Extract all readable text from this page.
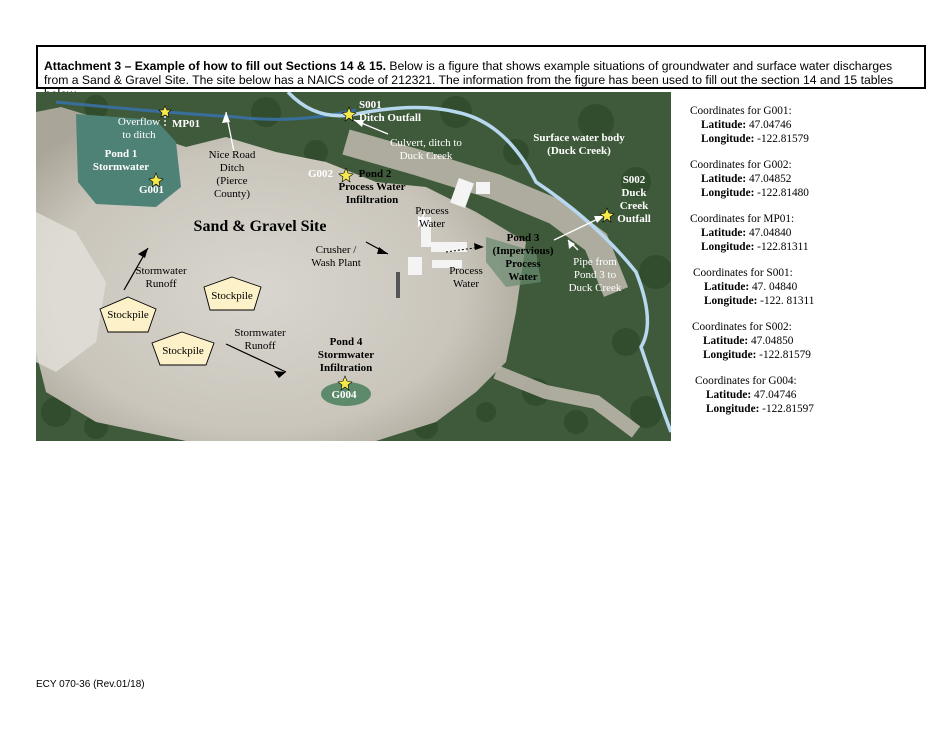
Attachment 3 – Example of how to fill out Sections 14 & 15. Below is a figure that shows example situations of groundwater and surface water discharges from a Sand & Gravel Site. The site below has a NAICS code of 212321. The information from the figure has been used to fill out the section 14 and 15 tables
Overflow
to ditch
MP01
Pond 1
Stormwater
G001
Nice Road
Ditch
(Pierce
County)
S001
Ditch Outfall
Culvert, ditch to
Duck Creek
Surface water body
(Duck Creek)
G002 Pond 2
Process Water
Infiltration
S002
Duck
Creek
Outfall
Process
Water
Sand & Gravel Site
Crusher /
Wash Plant
Pond 3
(Impervious)
Process
Water
Process
Water
Pipe from
Pond 3 to
Duck Creek
Stormwater
Runoff
Stockpile
Stockpile
Stockpile
Stormwater
Runoff	Pond 4
Stormwater
Infiltration
G004
Coordinates for G001:
Latitude: 47.04746
Longitude: -122.81579
Coordinates for G002:
Latitude: 47.04852
Longitude: -122.81480
Coordinates for MP01:
Latitude: 47.04840
Longitude: -122.81311
Coordinates for S001:
Latitude: 47. 04840
Longitude: -122. 81311
Coordinates for S002:
Latitude: 47.04850
Longitude: -122.81579
Coordinates for G004:
Latitude: 47.04746
Longitude: -122.81597
ECY 070-36 (Rev.01/18)
